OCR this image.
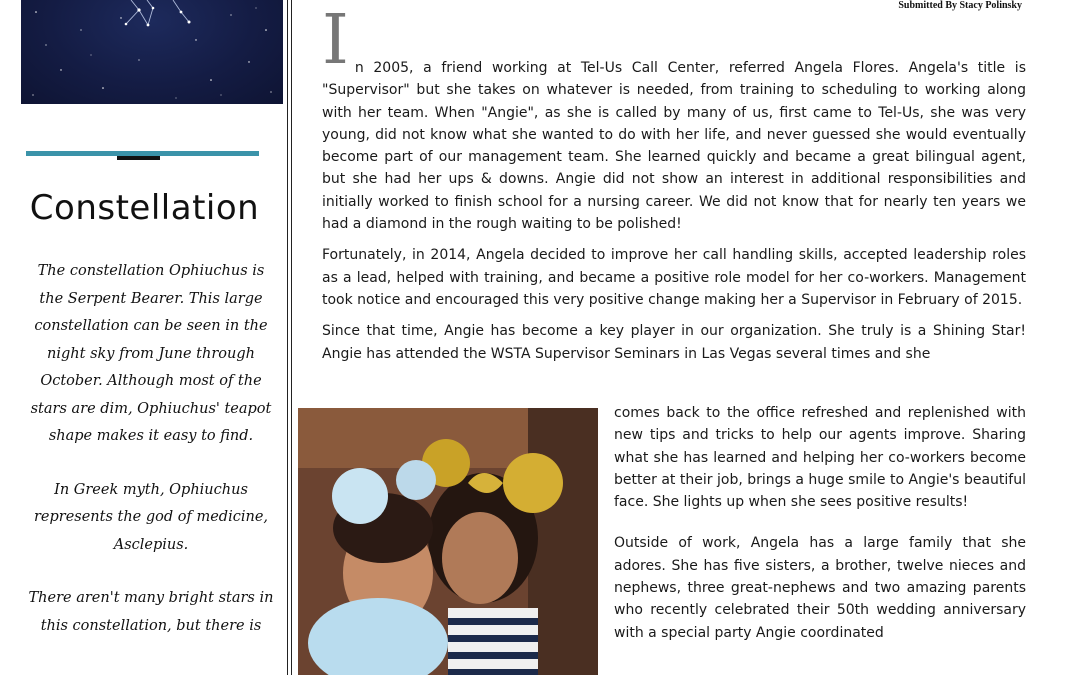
Constellation

The constellation Ophiuchus is the Serpent Bearer. This large constellation can be seen in the night sky from June through October. Although most of the stars are dim, Ophiuchus' teapot shape makes it easy to find.

In Greek myth, Ophiuchus represents the god of medicine, Asclepius.

There aren't many bright stars in this constellation, but there is

Submitted By Stacy Polinsky

I n 2005, a friend working at Tel-Us Call Center, referred Angela Flores. Angela's title is "Supervisor" but she takes on whatever is needed, from training to scheduling to working along with her team. When "Angie", as she is called by many of us, first came to Tel-Us, she was very young, did not know what she wanted to do with her life, and never guessed she would eventually become part of our management team. She learned quickly and became a great bilingual agent, but she had her ups & downs. Angie did not show an interest in additional responsibilities and initially worked to finish school for a nursing career. We did not know that for nearly ten years we had a diamond in the rough waiting to be polished!

Fortunately, in 2014, Angela decided to improve her call handling skills, accepted leadership roles as a lead, helped with training, and became a positive role model for her co-workers. Management took notice and encouraged this very positive change making her a Supervisor in February of 2015.

Since that time, Angie has become a key player in our organization. She truly is a Shining Star! Angie has attended the WSTA Supervisor Seminars in Las Vegas several times and she

comes back to the office refreshed and replenished with new tips and tricks to help our agents improve. Sharing what she has learned and helping her co-workers become better at their job, brings a huge smile to Angie's beautiful face. She lights up when she sees positive results!

Outside of work, Angela has a large family that she adores. She has five sisters, a brother, twelve nieces and nephews, three great-nephews and two amazing parents who recently celebrated their 50th wedding anniversary with a special party Angie coordinated
